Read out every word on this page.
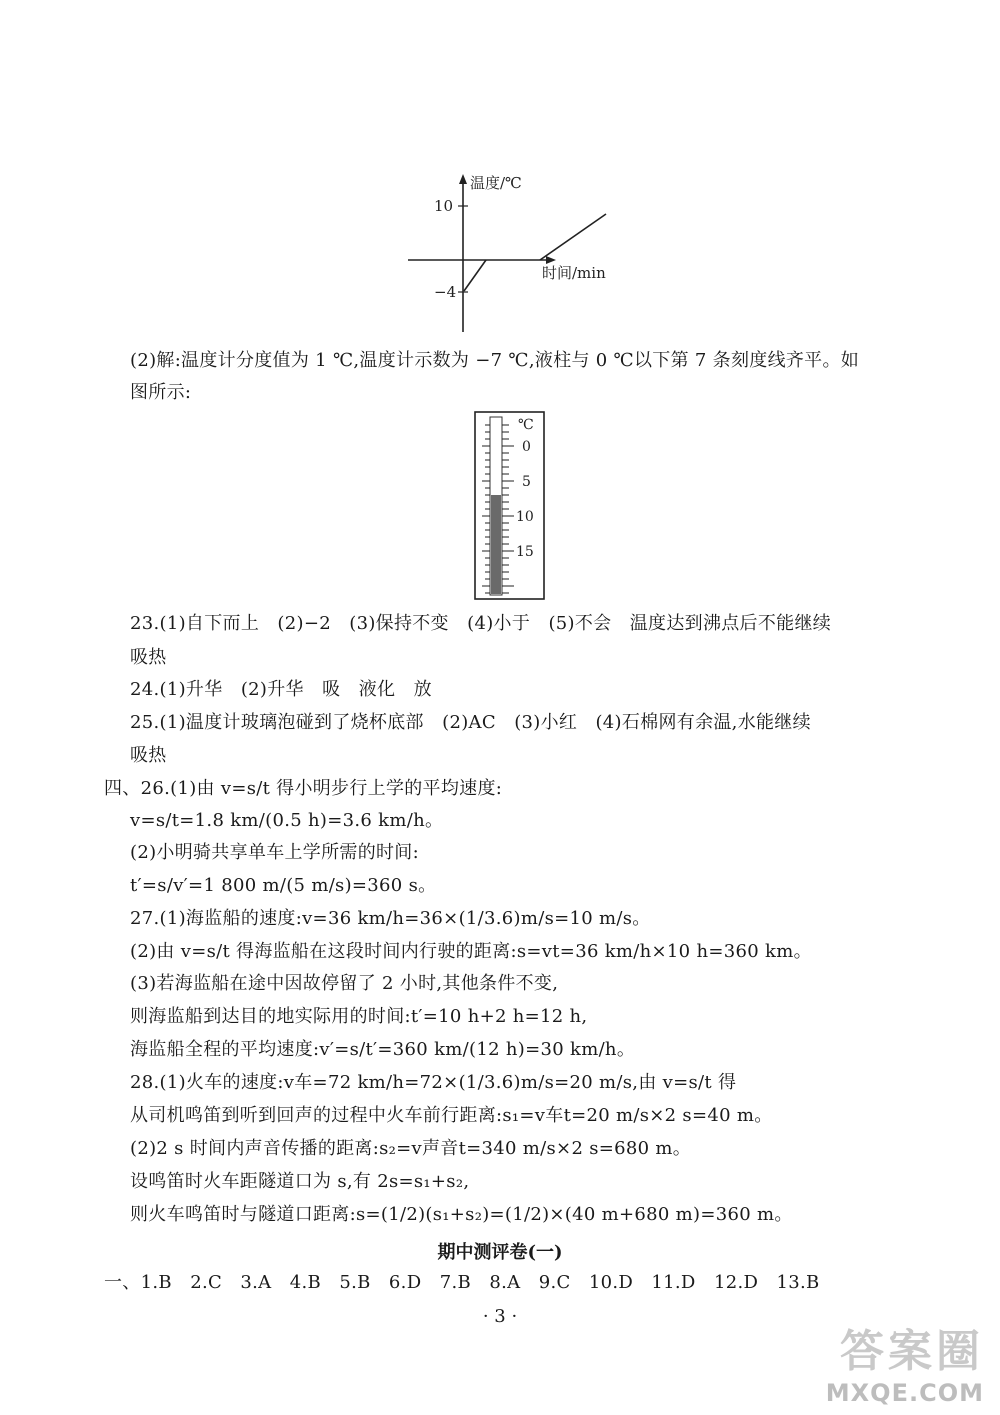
温度/℃
时间/min
10
−4
(2)解:温度计分度值为 1 ℃,温度计示数为 −7 ℃,液柱与 0 ℃以下第 7 条刻度线齐平。如
图所示:
℃
0
5
10
15
23.(1)自下而上　(2)−2　(3)保持不变　(4)小于　(5)不会　温度达到沸点后不能继续
吸热
24.(1)升华　(2)升华　吸　液化　放
25.(1)温度计玻璃泡碰到了烧杯底部　(2)AC　(3)小红　(4)石棉网有余温,水能继续
吸热
四、26.(1)由 v=s/t 得小明步行上学的平均速度:
v=s/t=1.8 km/(0.5 h)=3.6 km/h。
(2)小明骑共享单车上学所需的时间:
t′=s/v′=1 800 m/(5 m/s)=360 s。
27.(1)海监船的速度:v=36 km/h=36×(1/3.6)m/s=10 m/s。
(2)由 v=s/t 得海监船在这段时间内行驶的距离:s=vt=36 km/h×10 h=360 km。
(3)若海监船在途中因故停留了 2 小时,其他条件不变,
则海监船到达目的地实际用的时间:t′=10 h+2 h=12 h,
海监船全程的平均速度:v′=s/t′=360 km/(12 h)=30 km/h。
28.(1)火车的速度:v车=72 km/h=72×(1/3.6)m/s=20 m/s,由 v=s/t 得
从司机鸣笛到听到回声的过程中火车前行距离:s₁=v车t=20 m/s×2 s=40 m。
(2)2 s 时间内声音传播的距离:s₂=v声音t=340 m/s×2 s=680 m。
设鸣笛时火车距隧道口为 s,有 2s=s₁+s₂,
则火车鸣笛时与隧道口距离:s=(1/2)(s₁+s₂)=(1/2)×(40 m+680 m)=360 m。
期中测评卷(一)
一、1.B　2.C　3.A　4.B　5.B　6.D　7.B　8.A　9.C　10.D　11.D　12.D　13.B
· 3 ·
答案圈
MXQE.COM
